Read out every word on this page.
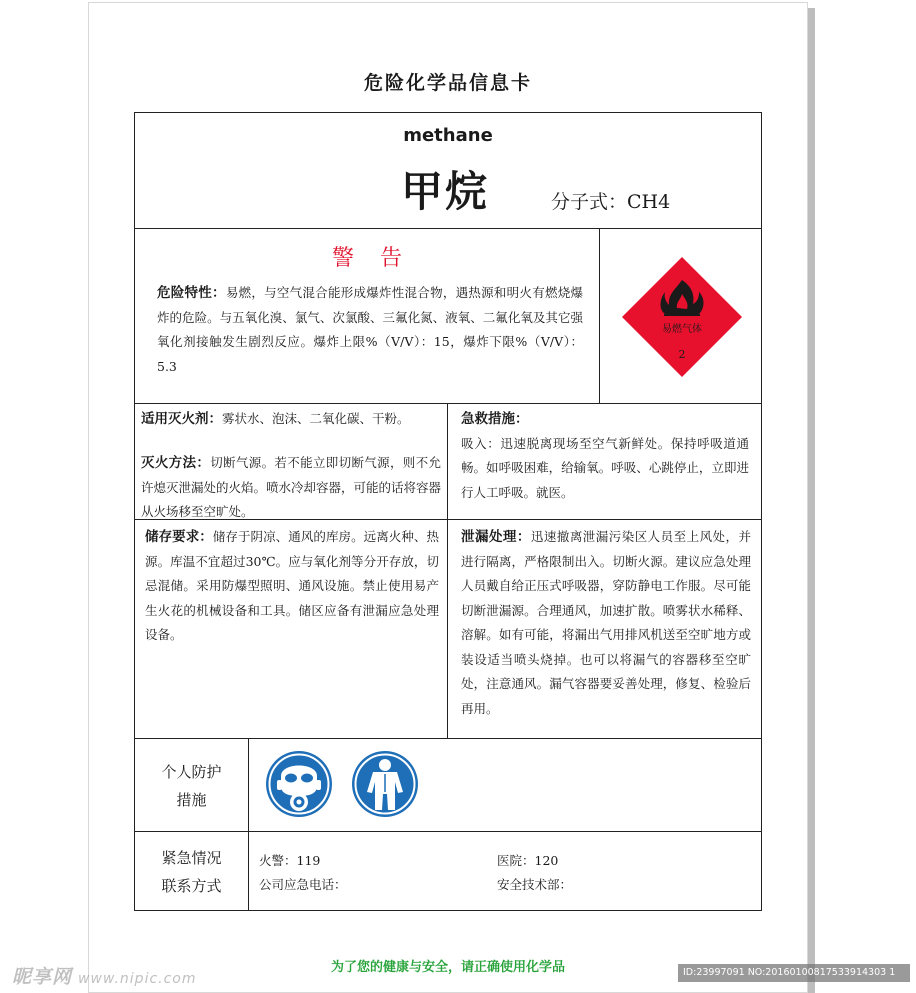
危险化学品信息卡
methane
甲烷	分子式：CH4
警告
危险特性：易燃，与空气混合能形成爆炸性混合物，遇热源和明火有燃烧爆炸的危险。与五氧化溴、氯气、次氯酸、三氟化氮、液氧、二氟化氧及其它强氧化剂接触发生剧烈反应。爆炸上限%（V/V）：15，爆炸下限%（V/V）：5.3
易燃气体
2
适用灭火剂：雾状水、泡沫、二氧化碳、干粉。
灭火方法：切断气源。若不能立即切断气源，则不允许熄灭泄漏处的火焰。喷水冷却容器，可能的话将容器从火场移至空旷处。
急救措施：
吸入：迅速脱离现场至空气新鲜处。保持呼吸道通畅。如呼吸困难，给输氧。呼吸、心跳停止，立即进行人工呼吸。就医。
储存要求：储存于阴凉、通风的库房。远离火种、热源。库温不宜超过30℃。应与氧化剂等分开存放，切忌混储。采用防爆型照明、通风设施。禁止使用易产生火花的机械设备和工具。储区应备有泄漏应急处理设备。
泄漏处理：迅速撤离泄漏污染区人员至上风处，并进行隔离，严格限制出入。切断火源。建议应急处理人员戴自给正压式呼吸器，穿防静电工作服。尽可能切断泄漏源。合理通风，加速扩散。喷雾状水稀释、溶解。如有可能，将漏出气用排风机送至空旷地方或装设适当喷头烧掉。也可以将漏气的容器移至空旷处，注意通风。漏气容器要妥善处理，修复、检验后再用。
个人防护
措施
紧急情况
联系方式
火警：119	医院：120
公司应急电话：	安全技术部：
为了您的健康与安全，请正确使用化学品
昵享网 www.nipic.com	ID:23997091 NO:20160100817533914303 1
